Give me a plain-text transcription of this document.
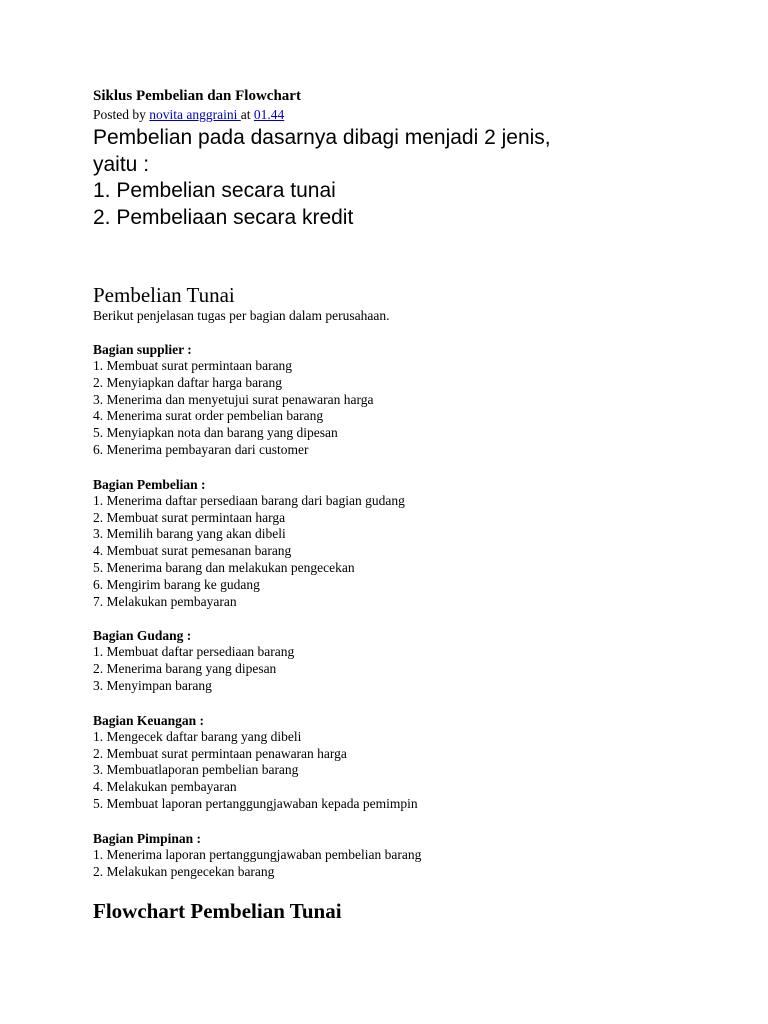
Siklus Pembelian dan Flowchart

Posted by novita anggraini at 01.44

Pembelian pada dasarnya dibagi menjadi 2 jenis,
yaitu :
1. Pembelian secara tunai
2. Pembeliaan secara kredit
Pembelian Tunai

Berikut penjelasan tugas per bagian dalam perusahaan.

Bagian supplier :

1. Membuat surat permintaan barang
2. Menyiapkan daftar harga barang
3. Menerima dan menyetujui surat penawaran harga
4. Menerima surat order pembelian barang
5. Menyiapkan nota dan barang yang dipesan
6. Menerima pembayaran dari customer

Bagian Pembelian :

1. Menerima daftar persediaan barang dari bagian gudang
2. Membuat surat permintaan harga
3. Memilih barang yang akan dibeli
4. Membuat surat pemesanan barang
5. Menerima barang dan melakukan pengecekan
6. Mengirim barang ke gudang
7. Melakukan pembayaran

Bagian Gudang :

1. Membuat daftar persediaan barang
2. Menerima barang yang dipesan
3. Menyimpan barang

Bagian Keuangan :

1. Mengecek daftar barang yang dibeli
2. Membuat surat permintaan penawaran harga
3. Membuatlaporan pembelian barang
4. Melakukan pembayaran
5. Membuat laporan pertanggungjawaban kepada pemimpin

Bagian Pimpinan :

1. Menerima laporan pertanggungjawaban pembelian barang
2. Melakukan pengecekan barang
Flowchart Pembelian Tunai
